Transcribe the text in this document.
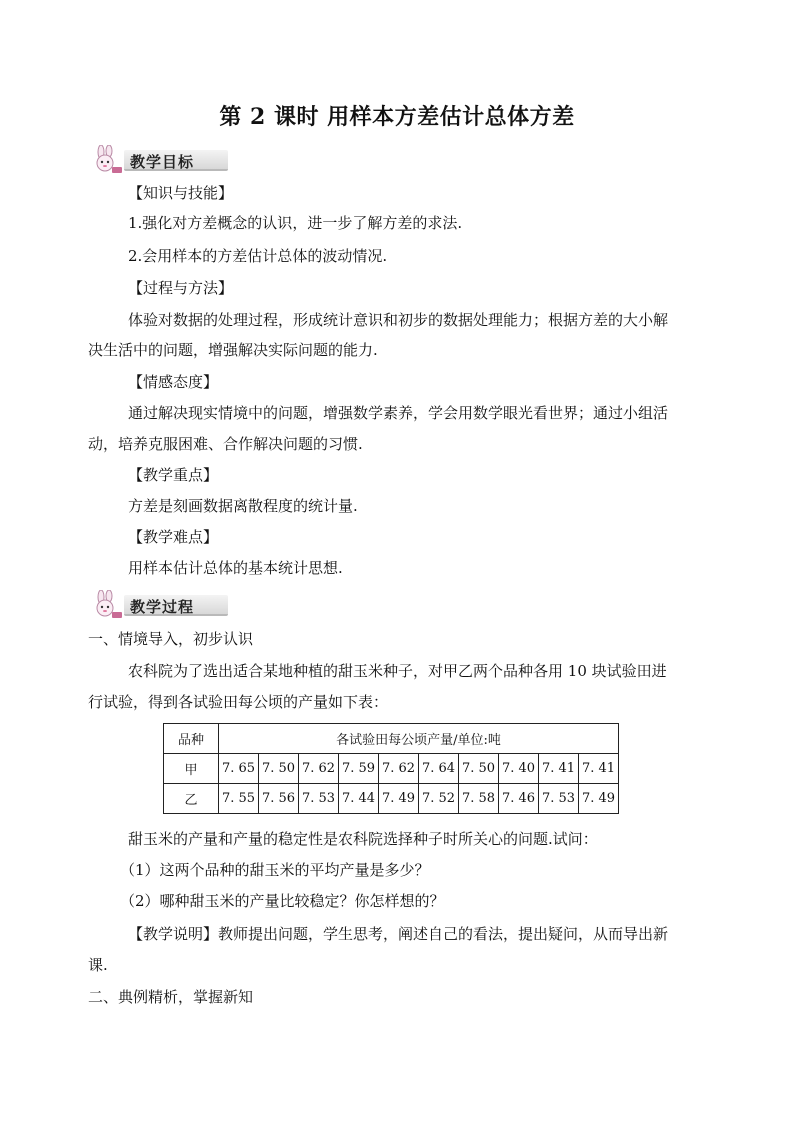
第 2 课时 用样本方差估计总体方差
教学目标
【知识与技能】
1.强化对方差概念的认识，进一步了解方差的求法.
2.会用样本的方差估计总体的波动情况.
【过程与方法】
体验对数据的处理过程，形成统计意识和初步的数据处理能力；根据方差的大小解
决生活中的问题，增强解决实际问题的能力.
【情感态度】
通过解决现实情境中的问题，增强数学素养，学会用数学眼光看世界；通过小组活
动，培养克服困难、合作解决问题的习惯.
【教学重点】
方差是刻画数据离散程度的统计量.
【教学难点】
用样本估计总体的基本统计思想.
教学过程
一、情境导入，初步认识
农科院为了选出适合某地种植的甜玉米种子，对甲乙两个品种各用 10 块试验田进
行试验，得到各试验田每公顷的产量如下表：
品种	各试验田每公顷产量/单位:吨									
甲	7. 65	7. 50	7. 62	7. 59	7. 62	7. 64	7. 50	7. 40	7. 41	7. 41
乙	7. 55	7. 56	7. 53	7. 44	7. 49	7. 52	7. 58	7. 46	7. 53	7. 49
甜玉米的产量和产量的稳定性是农科院选择种子时所关心的问题.试问：
（1）这两个品种的甜玉米的平均产量是多少？
（2）哪种甜玉米的产量比较稳定？你怎样想的？
【教学说明】教师提出问题，学生思考，阐述自己的看法，提出疑问，从而导出新
课.
二、典例精析，掌握新知
